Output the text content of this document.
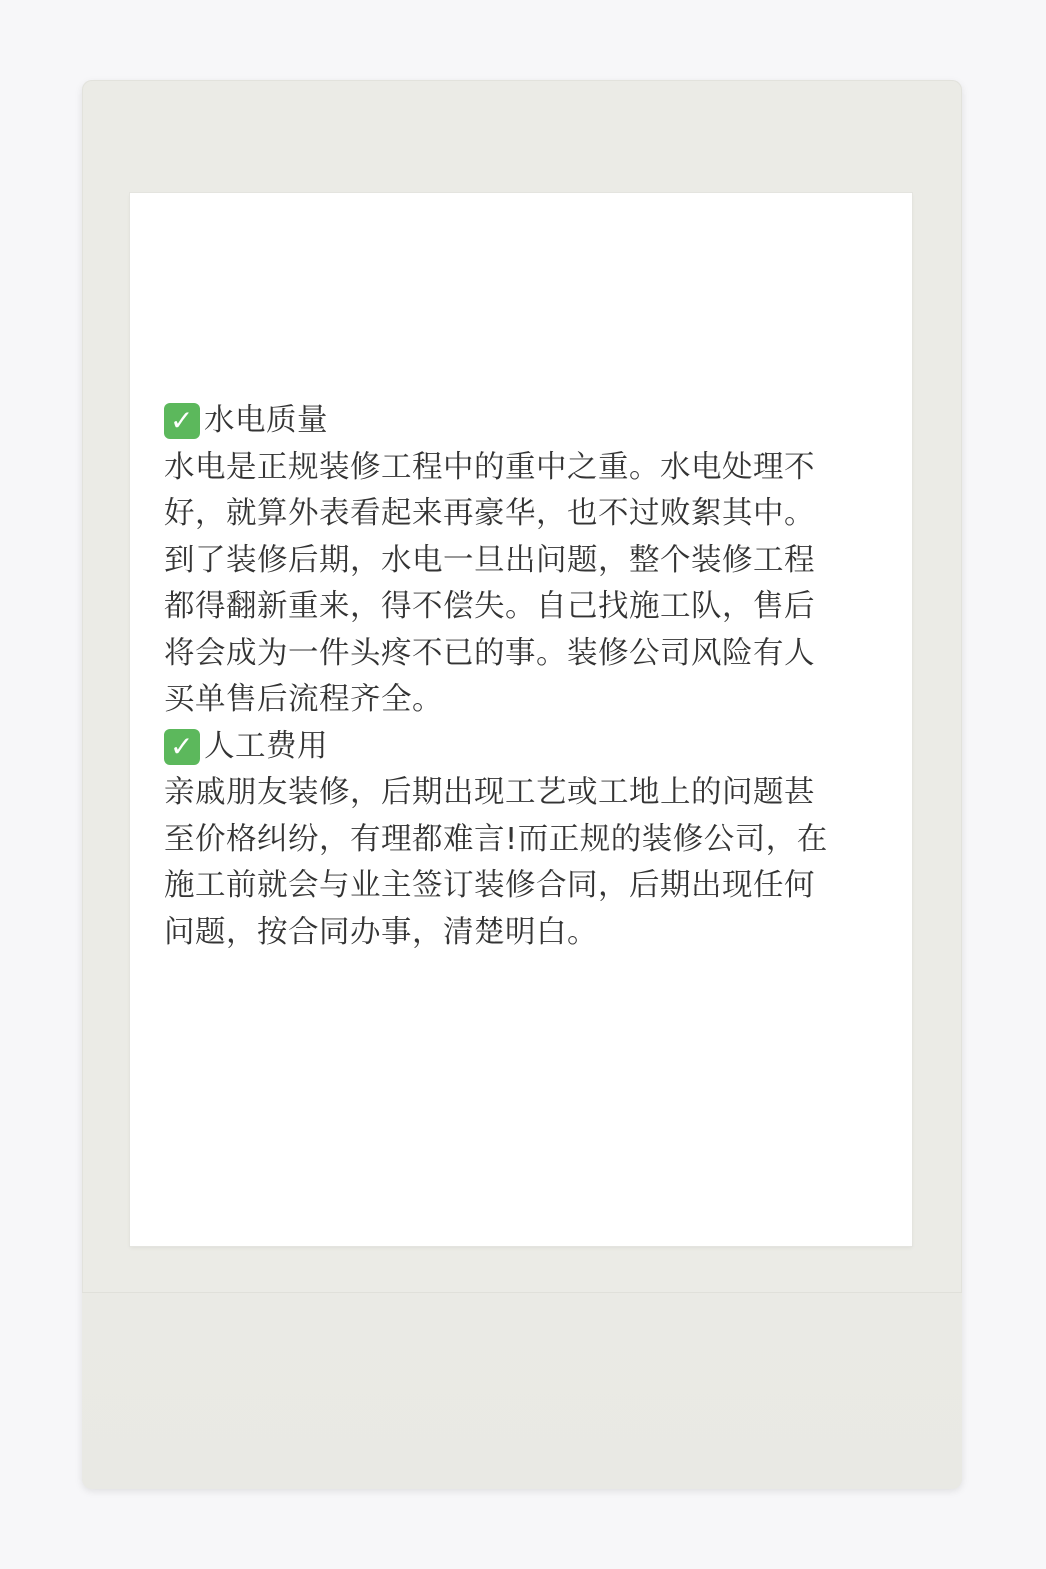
✓ 水电质量
水电是正规装修工程中的重中之重。水电处理不
好，就算外表看起来再豪华，也不过败絮其中。
到了装修后期，水电一旦出问题，整个装修工程
都得翻新重来，得不偿失。自己找施工队，售后
将会成为一件头疼不已的事。装修公司风险有人
买单售后流程齐全。
✓ 人工费用
亲戚朋友装修，后期出现工艺或工地上的问题甚
至价格纠纷，有理都难言!而正规的装修公司，在
施工前就会与业主签订装修合同，后期出现任何
问题，按合同办事，清楚明白。
